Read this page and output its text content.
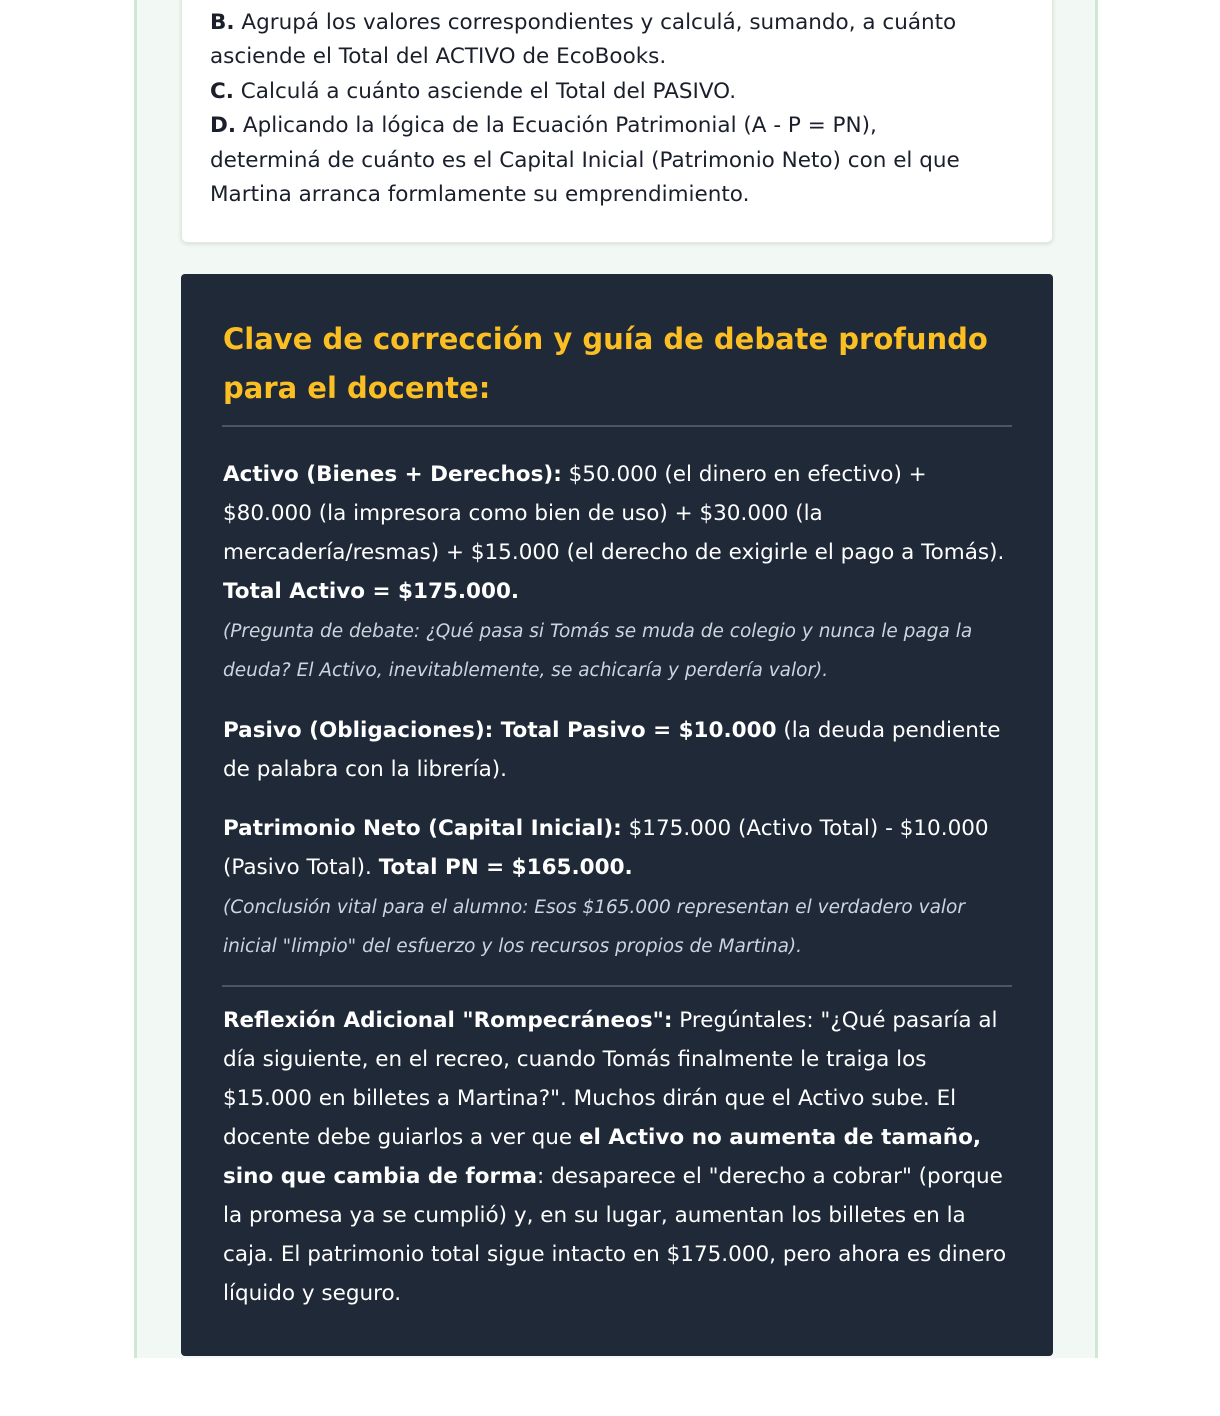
B. Agrupá los valores correspondientes y calculá, sumando, a cuánto
asciende el Total del ACTIVO de EcoBooks.
C. Calculá a cuánto asciende el Total del PASIVO.
D. Aplicando la lógica de la Ecuación Patrimonial (A - P = PN),
determiná de cuánto es el Capital Inicial (Patrimonio Neto) con el que
Martina arranca formlamente su emprendimiento.
Clave de corrección y guía de debate profundo para el docente:

Activo (Bienes + Derechos): $50.000 (el dinero en efectivo) + $80.000 (la impresora como bien de uso) + $30.000 (la mercadería/resmas) + $15.000 (el derecho de exigirle el pago a Tomás). Total Activo = $175.000.

(Pregunta de debate: ¿Qué pasa si Tomás se muda de colegio y nunca le paga la deuda? El Activo, inevitablemente, se achicaría y perdería valor).

Pasivo (Obligaciones): Total Pasivo = $10.000 (la deuda pendiente de palabra con la librería).

Patrimonio Neto (Capital Inicial): $175.000 (Activo Total) - $10.000 (Pasivo Total). Total PN = $165.000.

(Conclusión vital para el alumno: Esos $165.000 representan el verdadero valor inicial "limpio" del esfuerzo y los recursos propios de Martina).

Reflexión Adicional "Rompecráneos": Pregúntales: "¿Qué pasaría al día siguiente, en el recreo, cuando Tomás finalmente le traiga los $15.000 en billetes a Martina?". Muchos dirán que el Activo sube. El docente debe guiarlos a ver que el Activo no aumenta de tamaño, sino que cambia de forma: desaparece el "derecho a cobrar" (porque la promesa ya se cumplió) y, en su lugar, aumentan los billetes en la caja. El patrimonio total sigue intacto en $175.000, pero ahora es dinero líquido y seguro.
